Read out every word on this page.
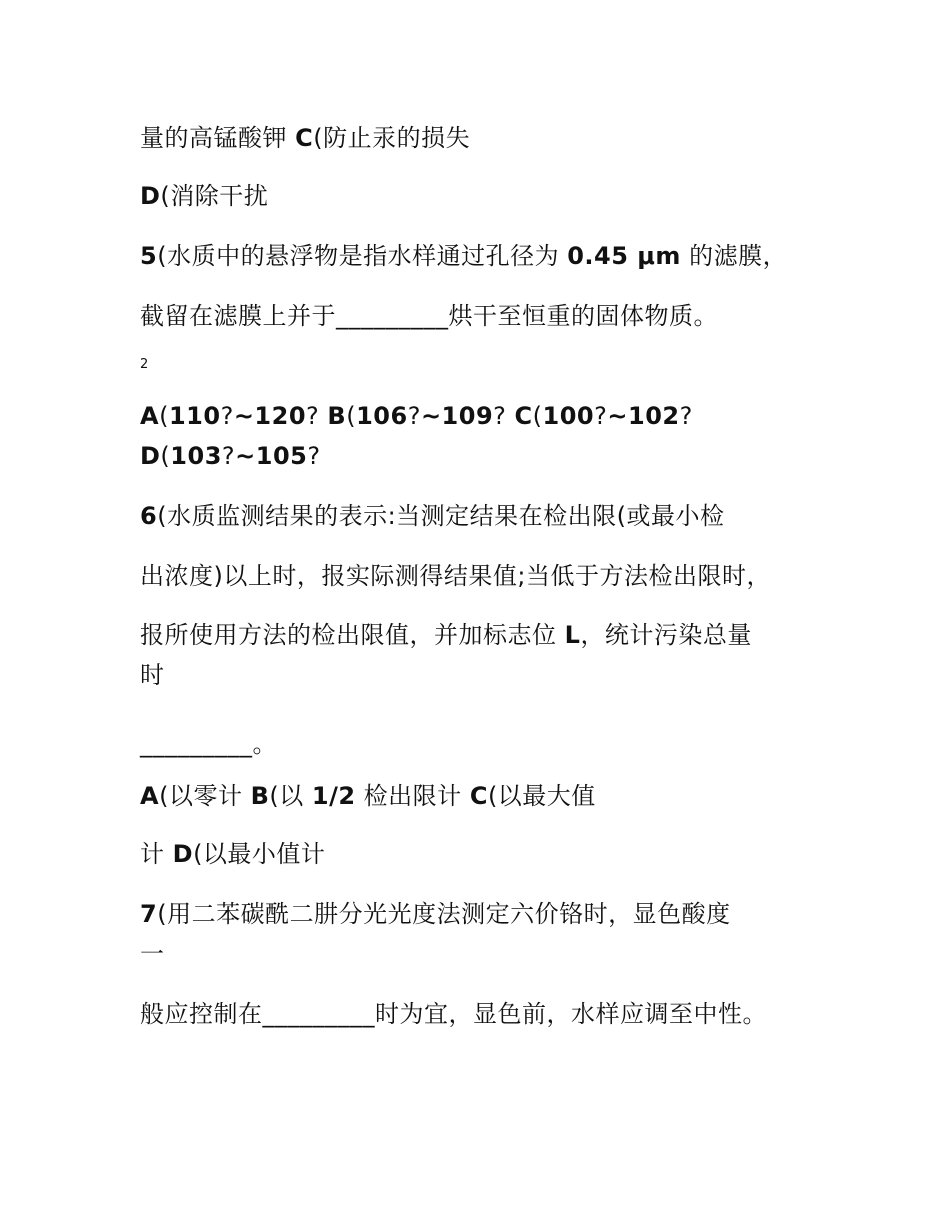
量的高锰酸钾 C(防止汞的损失
D(消除干扰
5(水质中的悬浮物是指水样通过孔径为 0.45 μm 的滤膜，
截留在滤膜上并于_________烘干至恒重的固体物质。
2
A(110?~120? B(106?~109? C(100?~102?
D(103?~105?
6(水质监测结果的表示:当测定结果在检出限(或最小检
出浓度)以上时，报实际测得结果值;当低于方法检出限时，
报所使用方法的检出限值，并加标志位 L，统计污染总量
时
_________。
A(以零计 B(以 1/2 检出限计 C(以最大值
计 D(以最小值计
7(用二苯碳酰二肼分光光度法测定六价铬时，显色酸度
一
般应控制在_________时为宜，显色前，水样应调至中性。
